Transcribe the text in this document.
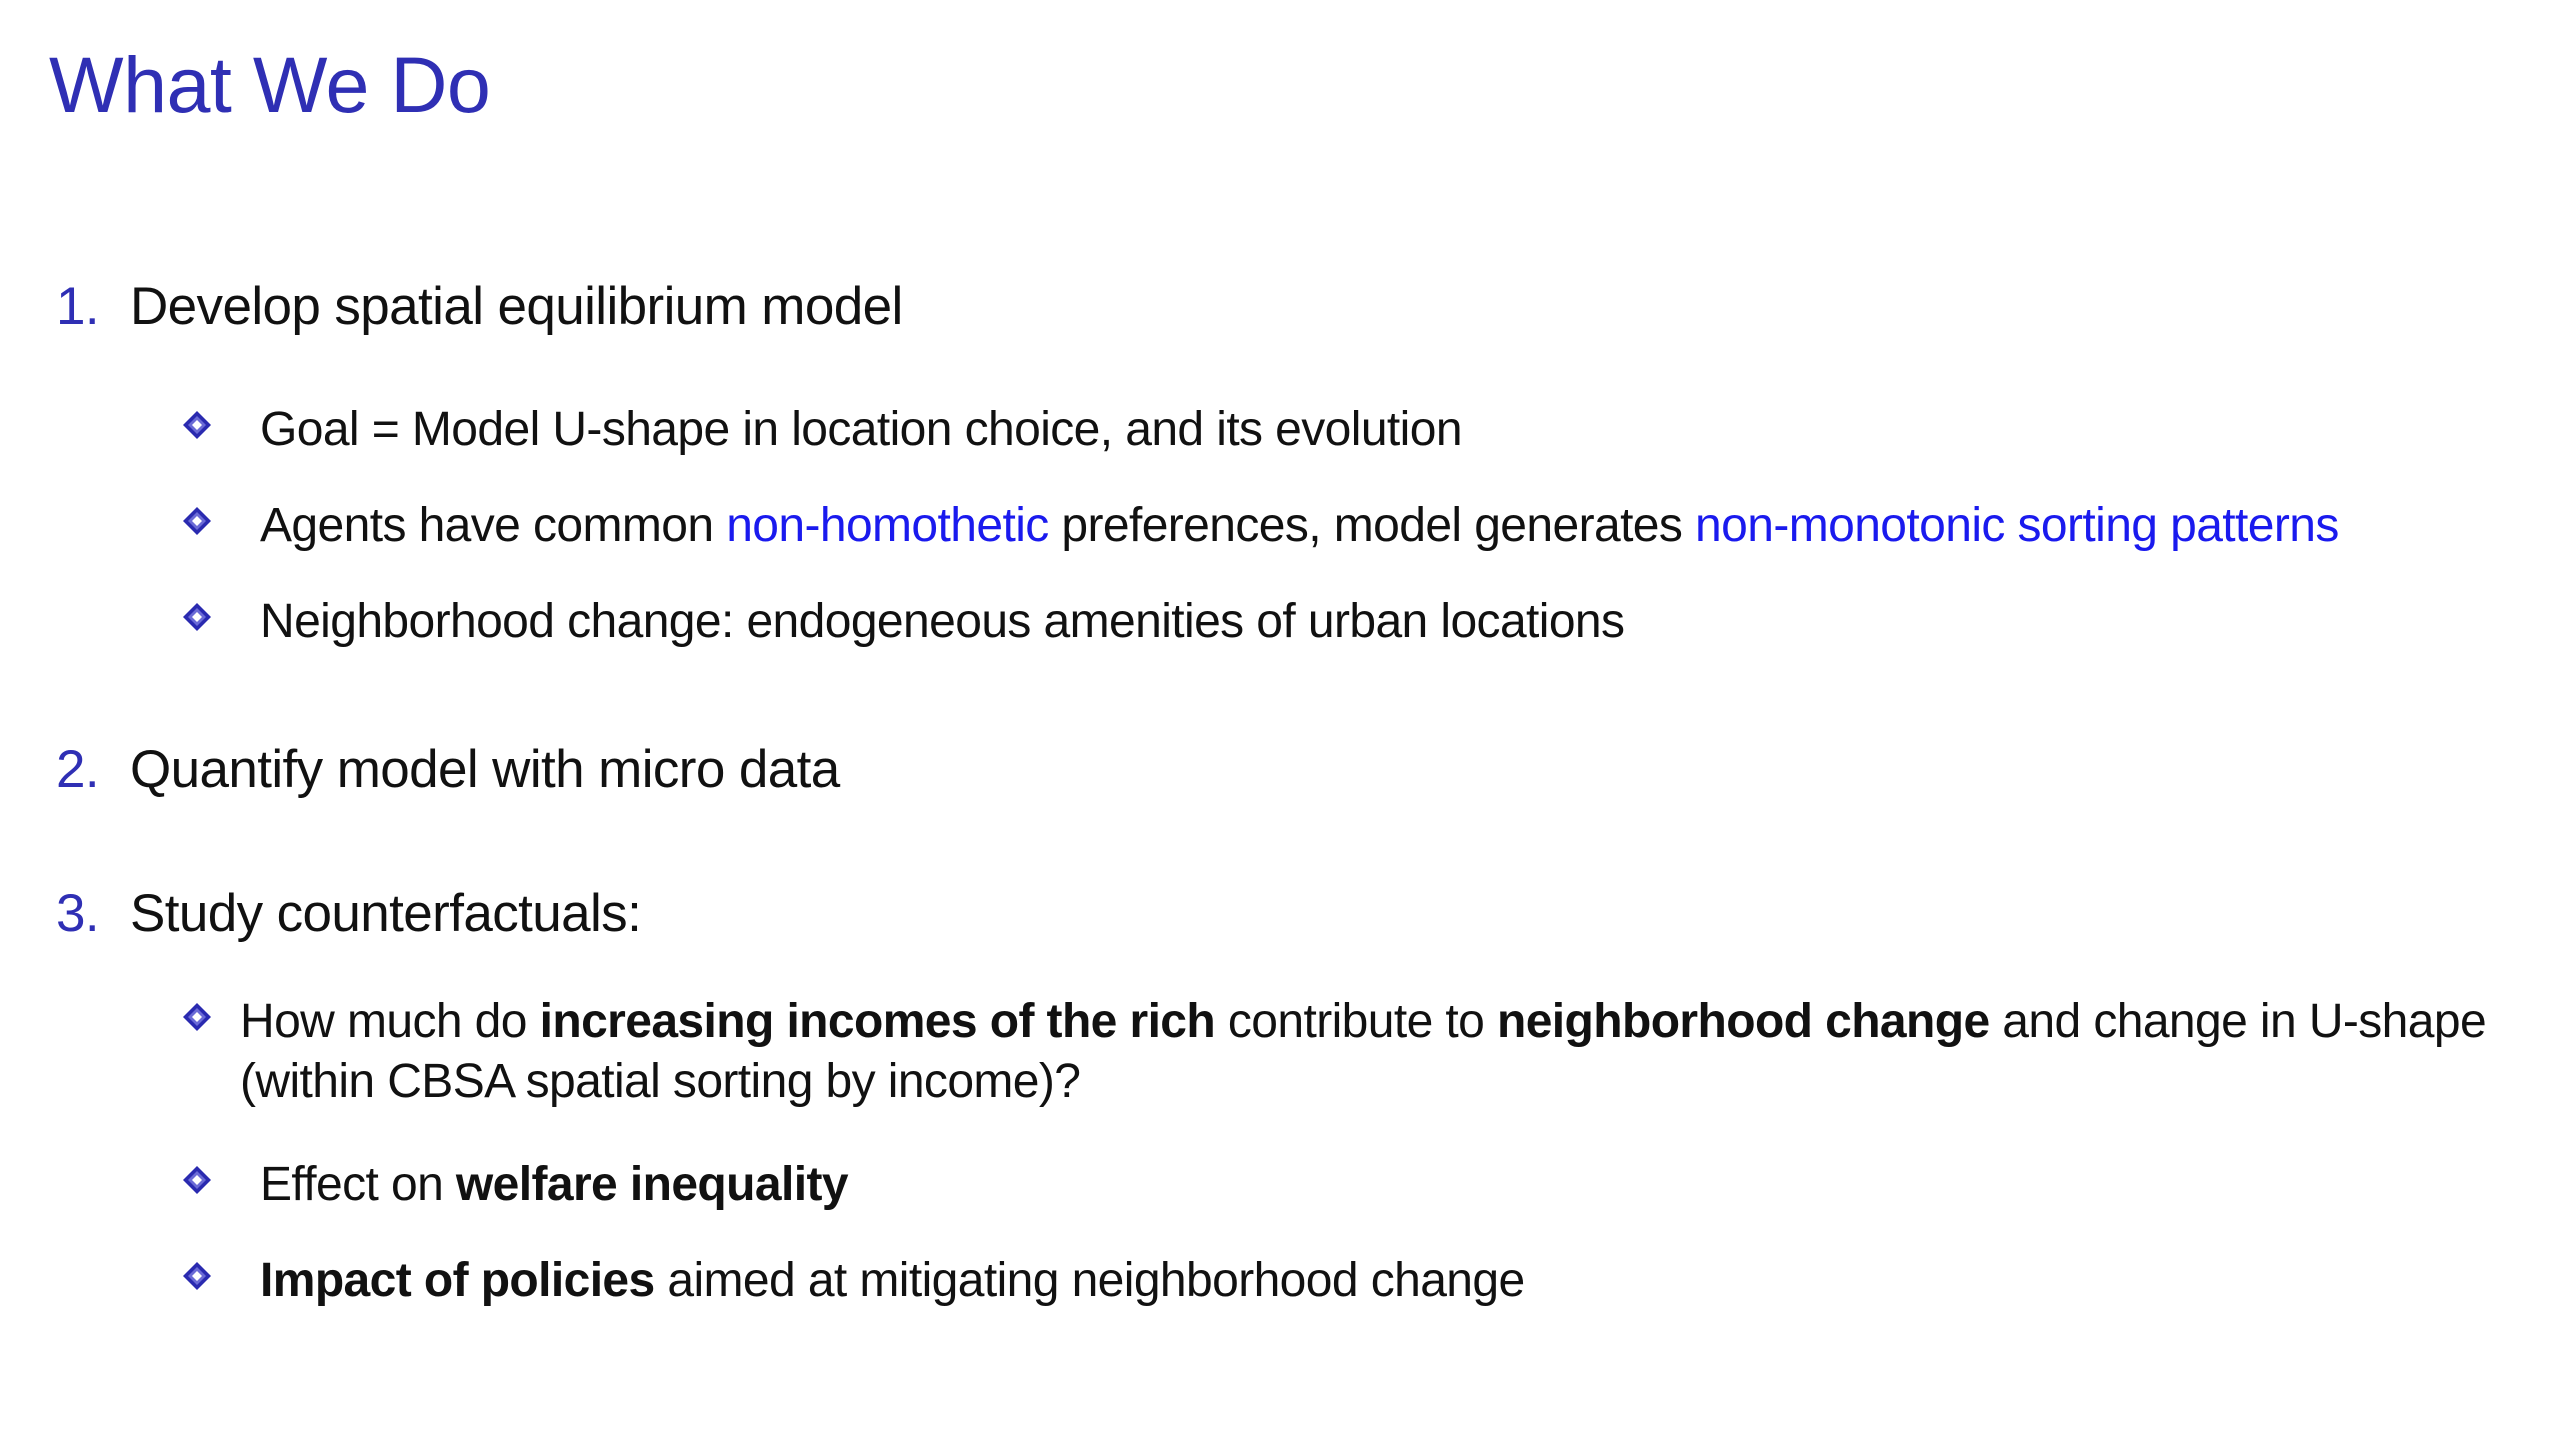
What We Do
1. Develop spatial equilibrium model
Goal = Model U-shape in location choice, and its evolution
Agents have common non-homothetic preferences, model generates non-monotonic sorting patterns
Neighborhood change: endogeneous amenities of urban locations
2. Quantify model with micro data
3. Study counterfactuals:
How much do increasing incomes of the rich contribute to neighborhood change and change in U-shape (within CBSA spatial sorting by income)?
Effect on welfare inequality
Impact of policies aimed at mitigating neighborhood change
